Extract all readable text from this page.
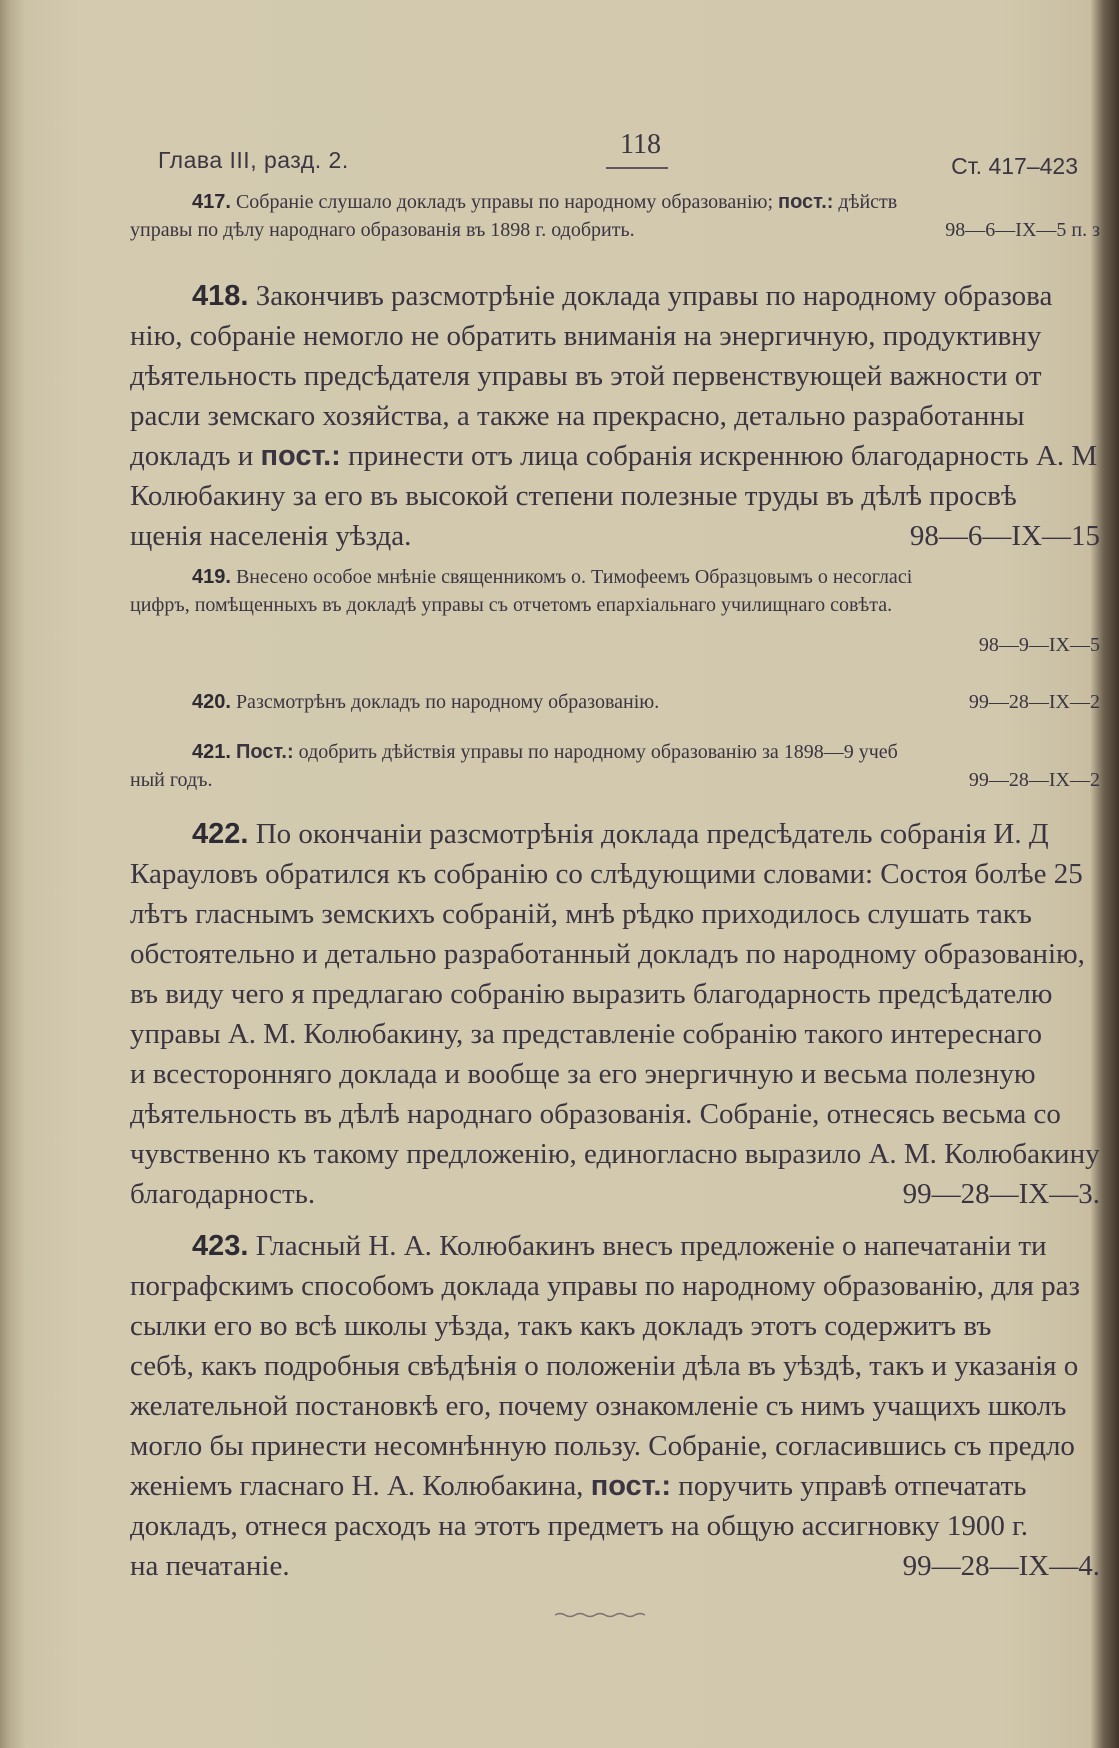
Глава III, разд. 2.	118
Ст. 417–423
417. Собраніе слушало докладъ управы по народному образованію; пост.: дѣйств
управы по дѣлу народнаго образованія въ 1898 г. одобрить.	98—6—IX—5 п. з
418. Закончивъ разсмотрѣніе доклада управы по народному образова
нію, собраніе немогло не обратить вниманія на энергичную, продуктивну
дѣятельность предсѣдателя управы въ этой первенствующей важности от
расли земскаго хозяйства, а также на прекрасно, детально разработанны
докладъ и пост.: принести отъ лица собранія искреннюю благодарность А. М
Колюбакину за его въ высокой степени полезные труды въ дѣлѣ просвѣ
щенія населенія уѣзда.	98—6—IX—15
419. Внесено особое мнѣніе священникомъ о. Тимофеемъ Образцовымъ о несогласі
цифръ, помѣщенныхъ въ докладѣ управы съ отчетомъ епархіальнаго училищнаго совѣта.
98—9—IX—5
420. Разсмотрѣнъ докладъ по народному образованію.	99—28—IX—2
421. Пост.: одобрить дѣйствія управы по народному образованію за 1898—9 учеб
ный годъ.	99—28—IX—2
422. По окончаніи разсмотрѣнія доклада предсѣдатель собранія И. Д
Карауловъ обратился къ собранію со слѣдующими словами: Состоя болѣе 25
лѣтъ гласнымъ земскихъ собраній, мнѣ рѣдко приходилось слушать такъ
обстоятельно и детально разработанный докладъ по народному образованію,
въ виду чего я предлагаю собранію выразить благодарность предсѣдателю
управы А. М. Колюбакину, за представленіе собранію такого интереснаго
и всесторонняго доклада и вообще за его энергичную и весьма полезную
дѣятельность въ дѣлѣ народнаго образованія. Собраніе, отнесясь весьма со
чувственно къ такому предложенію, единогласно выразило А. М. Колюбакину
благодарность.	99—28—IX—3.
423. Гласный Н. А. Колюбакинъ внесъ предложеніе о напечатаніи ти
пографскимъ способомъ доклада управы по народному образованію, для раз
сылки его во всѣ школы уѣзда, такъ какъ докладъ этотъ содержитъ въ
себѣ, какъ подробныя свѣдѣнія о положеніи дѣла въ уѣздѣ, такъ и указанія о
желательной постановкѣ его, почему ознакомленіе съ нимъ учащихъ школъ
могло бы принести несомнѣнную пользу. Собраніе, согласившись съ предло
женіемъ гласнаго Н. А. Колюбакина, пост.: поручить управѣ отпечатать
докладъ, отнеся расходъ на этотъ предметъ на общую ассигновку 1900 г.
на печатаніе.	99—28—IX—4.
